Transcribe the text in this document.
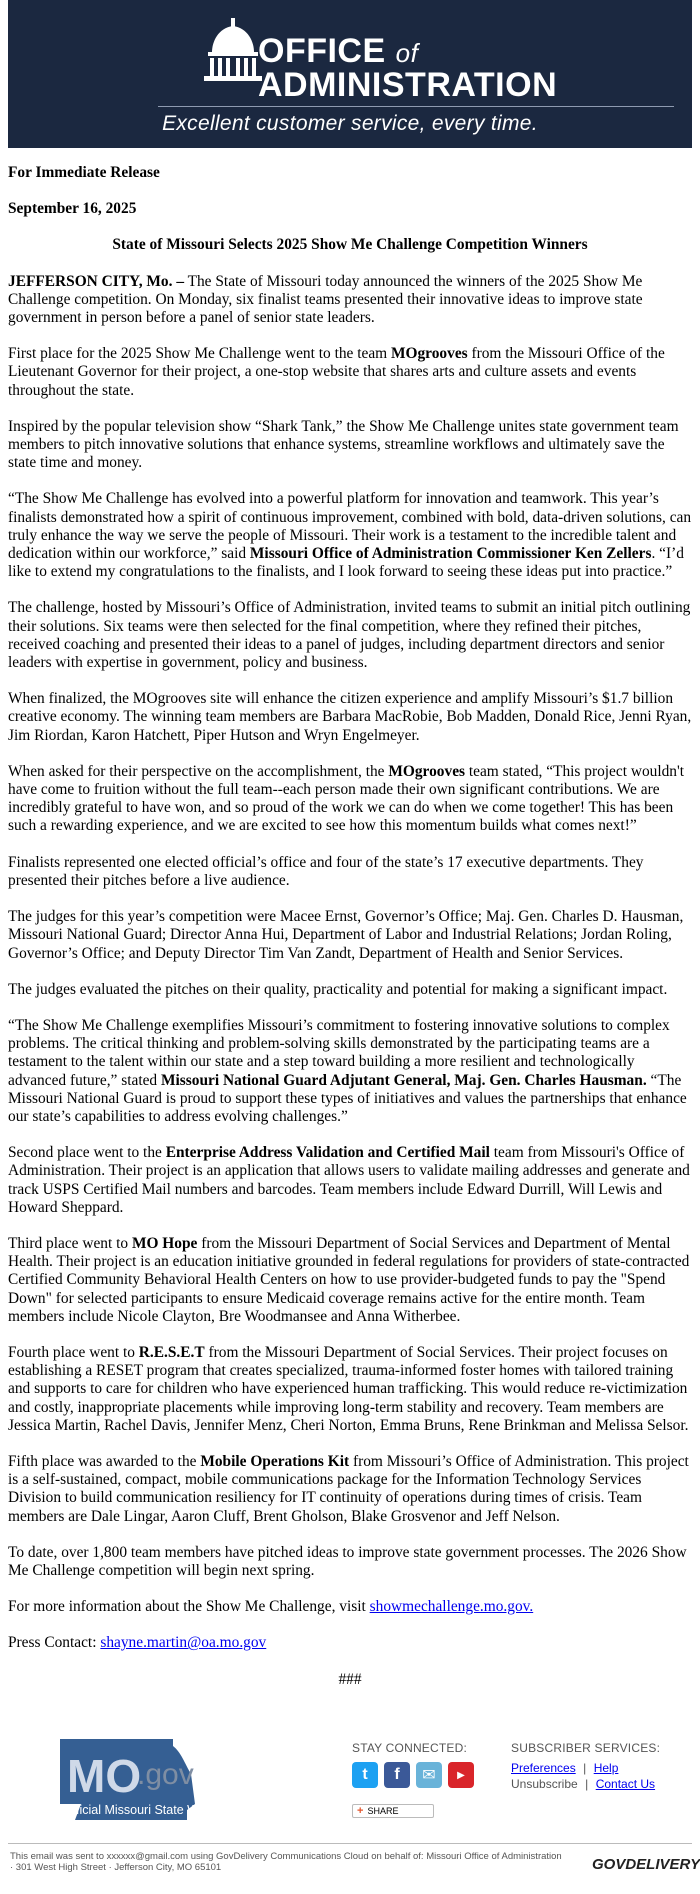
OFFICE of
ADMINISTRATION
Excellent customer service, every time.

For Immediate Release

September 16, 2025

State of Missouri Selects 2025 Show Me Challenge Competition Winners

JEFFERSON CITY, Mo. – The State of Missouri today announced the winners of the 2025 Show Me Challenge competition. On Monday, six finalist teams presented their innovative ideas to improve state government in person before a panel of senior state leaders.

First place for the 2025 Show Me Challenge went to the team MOgrooves from the Missouri Office of the Lieutenant Governor for their project, a one-stop website that shares arts and culture assets and events throughout the state.

Inspired by the popular television show “Shark Tank,” the Show Me Challenge unites state government team members to pitch innovative solutions that enhance systems, streamline workflows and ultimately save the state time and money.

“The Show Me Challenge has evolved into a powerful platform for innovation and teamwork. This year’s finalists demonstrated how a spirit of continuous improvement, combined with bold, data-driven solutions, can truly enhance the way we serve the people of Missouri. Their work is a testament to the incredible talent and dedication within our workforce,” said Missouri Office of Administration Commissioner Ken Zellers. “I’d like to extend my congratulations to the finalists, and I look forward to seeing these ideas put into practice.”

The challenge, hosted by Missouri’s Office of Administration, invited teams to submit an initial pitch outlining their solutions. Six teams were then selected for the final competition, where they refined their pitches, received coaching and presented their ideas to a panel of judges, including department directors and senior leaders with expertise in government, policy and business.

When finalized, the MOgrooves site will enhance the citizen experience and amplify Missouri’s $1.7 billion creative economy. The winning team members are Barbara MacRobie, Bob Madden, Donald Rice, Jenni Ryan, Jim Riordan, Karon Hatchett, Piper Hutson and Wryn Engelmeyer.

When asked for their perspective on the accomplishment, the MOgrooves team stated, “This project wouldn't have come to fruition without the full team--each person made their own significant contributions. We are incredibly grateful to have won, and so proud of the work we can do when we come together! This has been such a rewarding experience, and we are excited to see how this momentum builds what comes next!”

Finalists represented one elected official’s office and four of the state’s 17 executive departments. They presented their pitches before a live audience.

The judges for this year’s competition were Macee Ernst, Governor’s Office; Maj. Gen. Charles D. Hausman, Missouri National Guard; Director Anna Hui, Department of Labor and Industrial Relations; Jordan Roling, Governor’s Office; and Deputy Director Tim Van Zandt, Department of Health and Senior Services.

The judges evaluated the pitches on their quality, practicality and potential for making a significant impact.

“The Show Me Challenge exemplifies Missouri’s commitment to fostering innovative solutions to complex problems. The critical thinking and problem-solving skills demonstrated by the participating teams are a testament to the talent within our state and a step toward building a more resilient and technologically advanced future,” stated Missouri National Guard Adjutant General, Maj. Gen. Charles Hausman. “The Missouri National Guard is proud to support these types of initiatives and values the partnerships that enhance our state’s capabilities to address evolving challenges.”

Second place went to the Enterprise Address Validation and Certified Mail team from Missouri's Office of Administration. Their project is an application that allows users to validate mailing addresses and generate and track USPS Certified Mail numbers and barcodes. Team members include Edward Durrill, Will Lewis and Howard Sheppard.

Third place went to MO Hope from the Missouri Department of Social Services and Department of Mental Health. Their project is an education initiative grounded in federal regulations for providers of state-contracted Certified Community Behavioral Health Centers on how to use provider-budgeted funds to pay the "Spend Down" for selected participants to ensure Medicaid coverage remains active for the entire month. Team members include Nicole Clayton, Bre Woodmansee and Anna Witherbee.

Fourth place went to R.E.S.E.T from the Missouri Department of Social Services. Their project focuses on establishing a RESET program that creates specialized, trauma-informed foster homes with tailored training and supports to care for children who have experienced human trafficking. This would reduce re-victimization and costly, inappropriate placements while improving long-term stability and recovery. Team members are Jessica Martin, Rachel Davis, Jennifer Menz, Cheri Norton, Emma Bruns, Rene Brinkman and Melissa Selsor.

Fifth place was awarded to the Mobile Operations Kit from Missouri’s Office of Administration. This project is a self-sustained, compact, mobile communications package for the Information Technology Services Division to build communication resiliency for IT continuity of operations during times of crisis. Team members are Dale Lingar, Aaron Cluff, Brent Gholson, Blake Grosvenor and Jeff Nelson.

To date, over 1,800 team members have pitched ideas to improve state government processes. The 2026 Show Me Challenge competition will begin next spring.

For more information about the Show Me Challenge, visit showmechallenge.mo.gov.

Press Contact: shayne.martin@oa.mo.gov

###

MO
.gov
Official Missouri State Website
STAY CONNECTED:
t	f	✉	▶
+ SHARE
SUBSCRIBER SERVICES:
Preferences | Help
Unsubscribe | Contact Us
This email was sent to xxxxxx@gmail.com using GovDelivery Communications Cloud on behalf of: Missouri Office of Administration
· 301 West High Street · Jefferson City, MO 65101	GOVDELIVERY
